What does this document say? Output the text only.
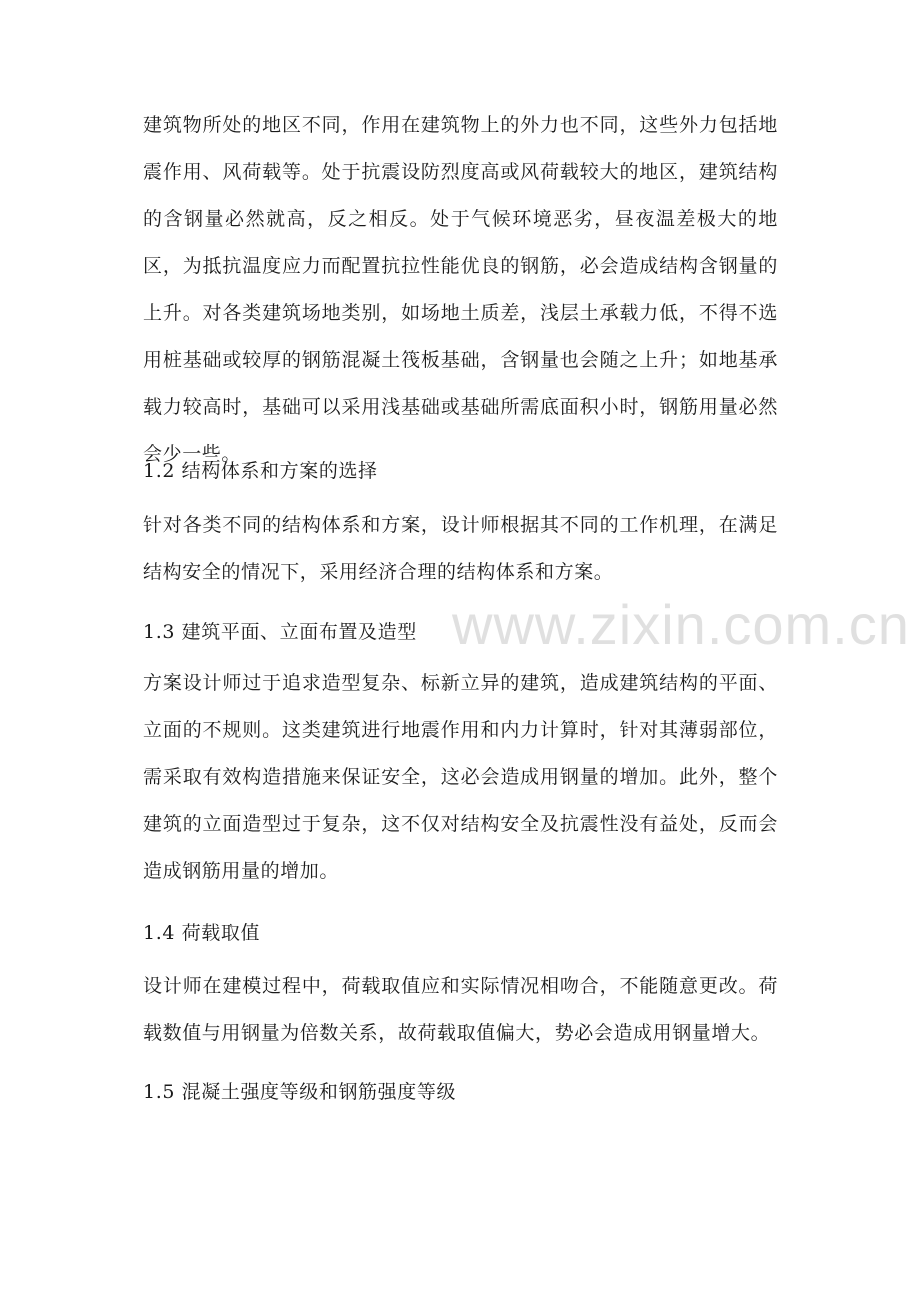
建筑物所处的地区不同，作用在建筑物上的外力也不同，这些外力包括地震作用、风荷载等。处于抗震设防烈度高或风荷载较大的地区，建筑结构的含钢量必然就高，反之相反。处于气候环境恶劣，昼夜温差极大的地区，为抵抗温度应力而配置抗拉性能优良的钢筋，必会造成结构含钢量的上升。对各类建筑场地类别，如场地土质差，浅层土承载力低，不得不选用桩基础或较厚的钢筋混凝土筏板基础，含钢量也会随之上升；如地基承载力较高时，基础可以采用浅基础或基础所需底面积小时，钢筋用量必然会少一些。
1.2 结构体系和方案的选择
针对各类不同的结构体系和方案，设计师根据其不同的工作机理，在满足结构安全的情况下，采用经济合理的结构体系和方案。
1.3 建筑平面、立面布置及造型
方案设计师过于追求造型复杂、标新立异的建筑，造成建筑结构的平面、立面的不规则。这类建筑进行地震作用和内力计算时，针对其薄弱部位，需采取有效构造措施来保证安全，这必会造成用钢量的增加。此外，整个建筑的立面造型过于复杂，这不仅对结构安全及抗震性没有益处，反而会造成钢筋用量的增加。
1.4 荷载取值
设计师在建模过程中，荷载取值应和实际情况相吻合，不能随意更改。荷载数值与用钢量为倍数关系，故荷载取值偏大，势必会造成用钢量增大。
1.5 混凝土强度等级和钢筋强度等级
www.zixin.com.cn
